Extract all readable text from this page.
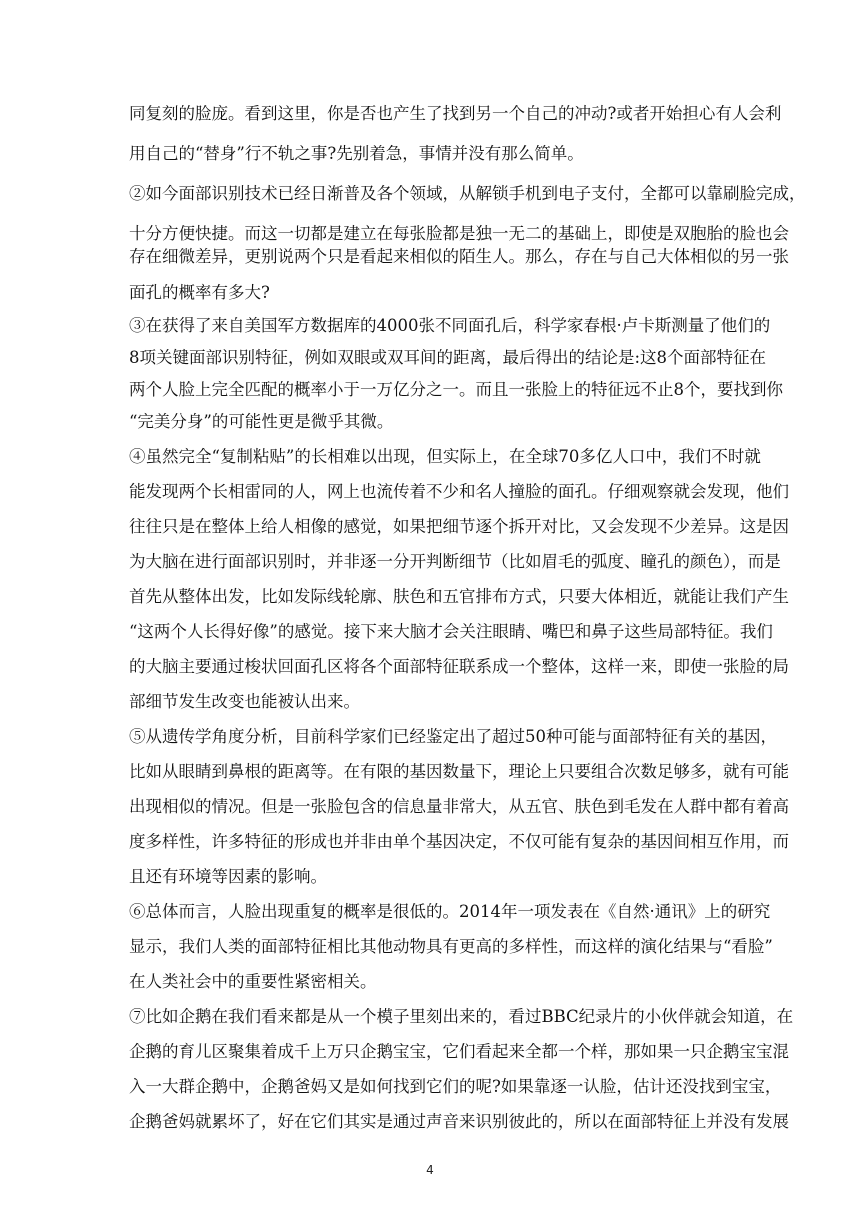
同复刻的脸庞。看到这里，你是否也产生了找到另一个自己的冲动?或者开始担心有人会利
用自己的“替身”行不轨之事?先别着急，事情并没有那么简单。
②如今面部识别技术已经日渐普及各个领域，从解锁手机到电子支付，全都可以靠刷脸完成，
十分方便快捷。而这一切都是建立在每张脸都是独一无二的基础上，即使是双胞胎的脸也会
存在细微差异，更别说两个只是看起来相似的陌生人。那么，存在与自己大体相似的另一张
面孔的概率有多大?
③在获得了来自美国军方数据库的4000张不同面孔后，科学家春根·卢卡斯测量了他们的
8项关键面部识别特征，例如双眼或双耳间的距离，最后得出的结论是:这8个面部特征在
两个人脸上完全匹配的概率小于一万亿分之一。而且一张脸上的特征远不止8个，要找到你
“完美分身”的可能性更是微乎其微。
④虽然完全“复制粘贴”的长相难以出现，但实际上，在全球70多亿人口中，我们不时就
能发现两个长相雷同的人，网上也流传着不少和名人撞脸的面孔。仔细观察就会发现，他们
往往只是在整体上给人相像的感觉，如果把细节逐个拆开对比，又会发现不少差异。这是因
为大脑在进行面部识别时，并非逐一分开判断细节（比如眉毛的弧度、瞳孔的颜色），而是
首先从整体出发，比如发际线轮廓、肤色和五官排布方式，只要大体相近，就能让我们产生
“这两个人长得好像”的感觉。接下来大脑才会关注眼睛、嘴巴和鼻子这些局部特征。我们
的大脑主要通过梭状回面孔区将各个面部特征联系成一个整体，这样一来，即使一张脸的局
部细节发生改变也能被认出来。
⑤从遗传学角度分析，目前科学家们已经鉴定出了超过50种可能与面部特征有关的基因，
比如从眼睛到鼻根的距离等。在有限的基因数量下，理论上只要组合次数足够多，就有可能
出现相似的情况。但是一张脸包含的信息量非常大，从五官、肤色到毛发在人群中都有着高
度多样性，许多特征的形成也并非由单个基因决定，不仅可能有复杂的基因间相互作用，而
且还有环境等因素的影响。
⑥总体而言，人脸出现重复的概率是很低的。2014年一项发表在《自然·通讯》上的研究
显示，我们人类的面部特征相比其他动物具有更高的多样性，而这样的演化结果与“看脸”
在人类社会中的重要性紧密相关。
⑦比如企鹅在我们看来都是从一个模子里刻出来的，看过BBC纪录片的小伙伴就会知道，在
企鹅的育儿区聚集着成千上万只企鹅宝宝，它们看起来全都一个样，那如果一只企鹅宝宝混
入一大群企鹅中，企鹅爸妈又是如何找到它们的呢?如果靠逐一认脸，估计还没找到宝宝，
企鹅爸妈就累坏了，好在它们其实是通过声音来识别彼此的，所以在面部特征上并没有发展
4
